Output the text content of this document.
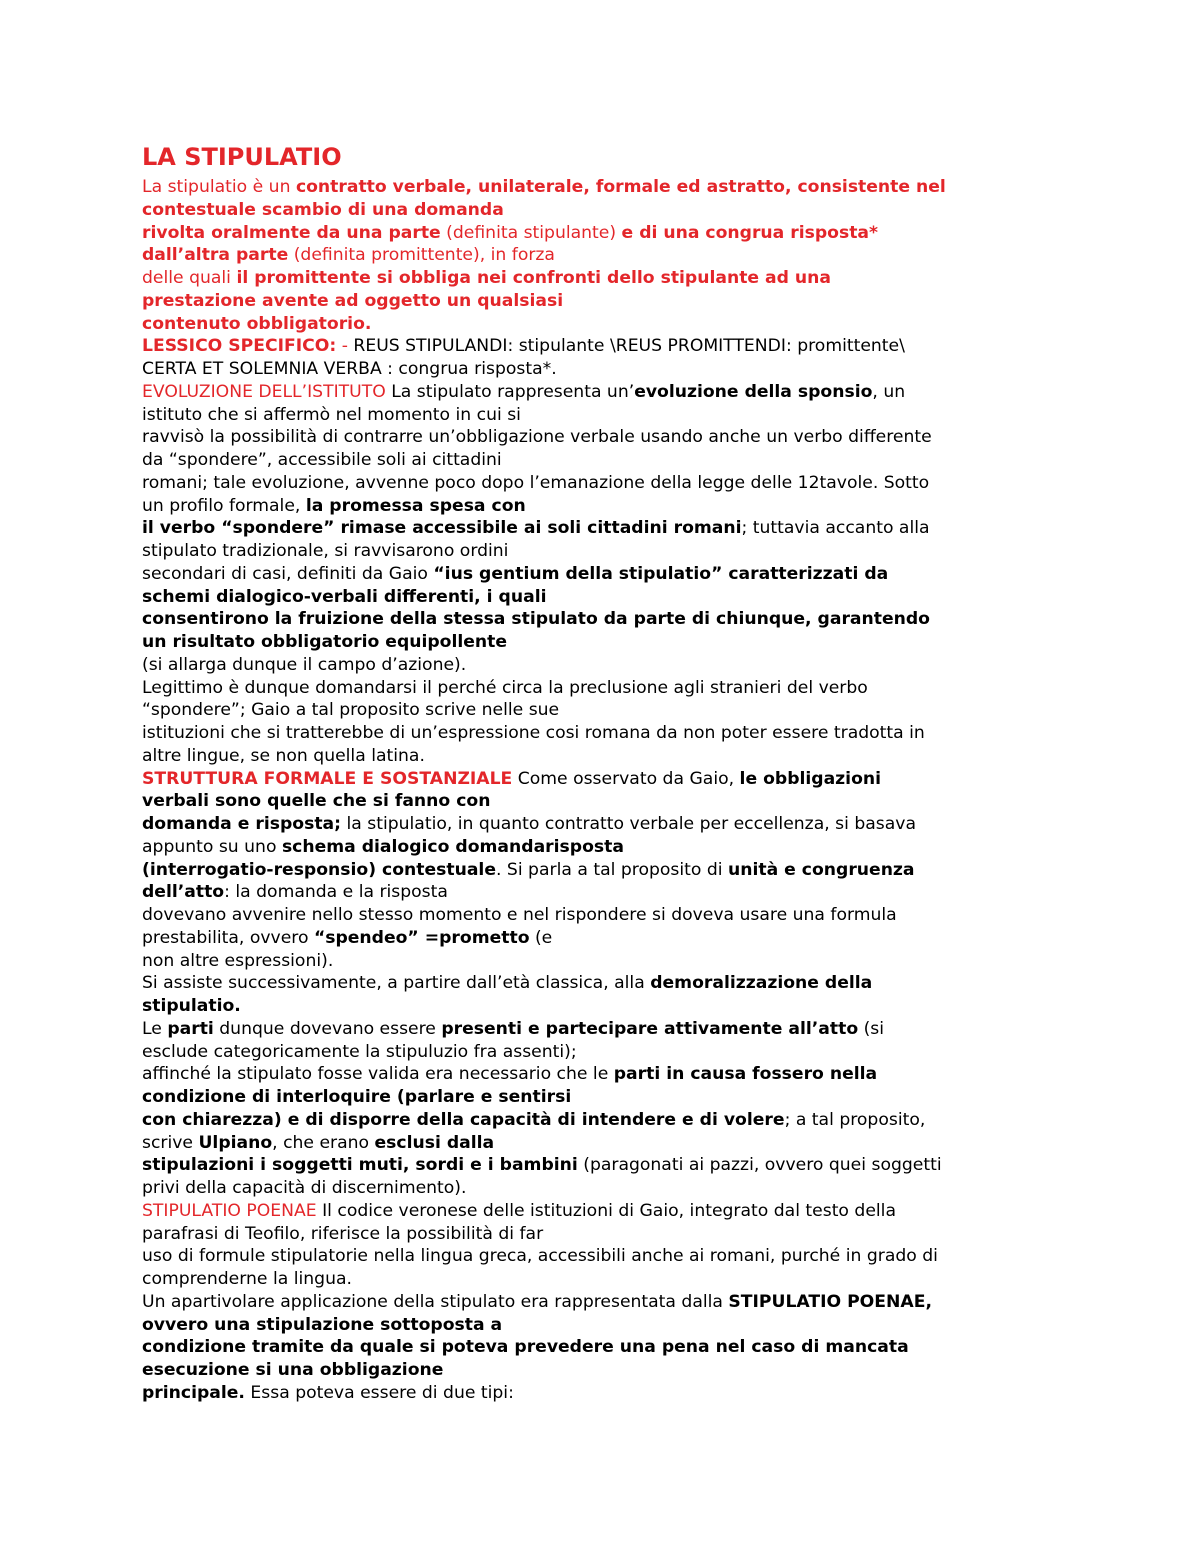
LA STIPULATIO
La stipulatio è un contratto verbale, unilaterale, formale ed astratto, consistente nel
contestuale scambio di una domanda
rivolta oralmente da una parte (definita stipulante) e di una congrua risposta*
dall’altra parte (definita promittente), in forza
delle quali il promittente si obbliga nei confronti dello stipulante ad una
prestazione avente ad oggetto un qualsiasi
contenuto obbligatorio.
LESSICO SPECIFICO: - REUS STIPULANDI: stipulante \REUS PROMITTENDI: promittente\
CERTA ET SOLEMNIA VERBA : congrua risposta*.
EVOLUZIONE DELL’ISTITUTO La stipulato rappresenta un’evoluzione della sponsio, un
istituto che si affermò nel momento in cui si
ravvisò la possibilità di contrarre un’obbligazione verbale usando anche un verbo differente
da “spondere”, accessibile soli ai cittadini
romani; tale evoluzione, avvenne poco dopo l’emanazione della legge delle 12tavole. Sotto
un profilo formale, la promessa spesa con
il verbo “spondere” rimase accessibile ai soli cittadini romani; tuttavia accanto alla
stipulato tradizionale, si ravvisarono ordini
secondari di casi, definiti da Gaio “ius gentium della stipulatio” caratterizzati da
schemi dialogico-verbali differenti, i quali
consentirono la fruizione della stessa stipulato da parte di chiunque, garantendo
un risultato obbligatorio equipollente
(si allarga dunque il campo d’azione).
Legittimo è dunque domandarsi il perché circa la preclusione agli stranieri del verbo
“spondere”; Gaio a tal proposito scrive nelle sue
istituzioni che si tratterebbe di un’espressione cosi romana da non poter essere tradotta in
altre lingue, se non quella latina.
STRUTTURA FORMALE E SOSTANZIALE Come osservato da Gaio, le obbligazioni
verbali sono quelle che si fanno con
domanda e risposta; la stipulatio, in quanto contratto verbale per eccellenza, si basava
appunto su uno schema dialogico domandarisposta
(interrogatio-responsio) contestuale. Si parla a tal proposito di unità e congruenza
dell’atto: la domanda e la risposta
dovevano avvenire nello stesso momento e nel rispondere si doveva usare una formula
prestabilita, ovvero “spendeo” =prometto (e
non altre espressioni).
Si assiste successivamente, a partire dall’età classica, alla demoralizzazione della
stipulatio.
Le parti dunque dovevano essere presenti e partecipare attivamente all’atto (si
esclude categoricamente la stipuluzio fra assenti);
affinché la stipulato fosse valida era necessario che le parti in causa fossero nella
condizione di interloquire (parlare e sentirsi
con chiarezza) e di disporre della capacità di intendere e di volere; a tal proposito,
scrive Ulpiano, che erano esclusi dalla
stipulazioni i soggetti muti, sordi e i bambini (paragonati ai pazzi, ovvero quei soggetti
privi della capacità di discernimento).
STIPULATIO POENAE Il codice veronese delle istituzioni di Gaio, integrato dal testo della
parafrasi di Teofilo, riferisce la possibilità di far
uso di formule stipulatorie nella lingua greca, accessibili anche ai romani, purché in grado di
comprenderne la lingua.
Un apartivolare applicazione della stipulato era rappresentata dalla STIPULATIO POENAE,
ovvero una stipulazione sottoposta a
condizione tramite da quale si poteva prevedere una pena nel caso di mancata
esecuzione si una obbligazione
principale. Essa poteva essere di due tipi:
